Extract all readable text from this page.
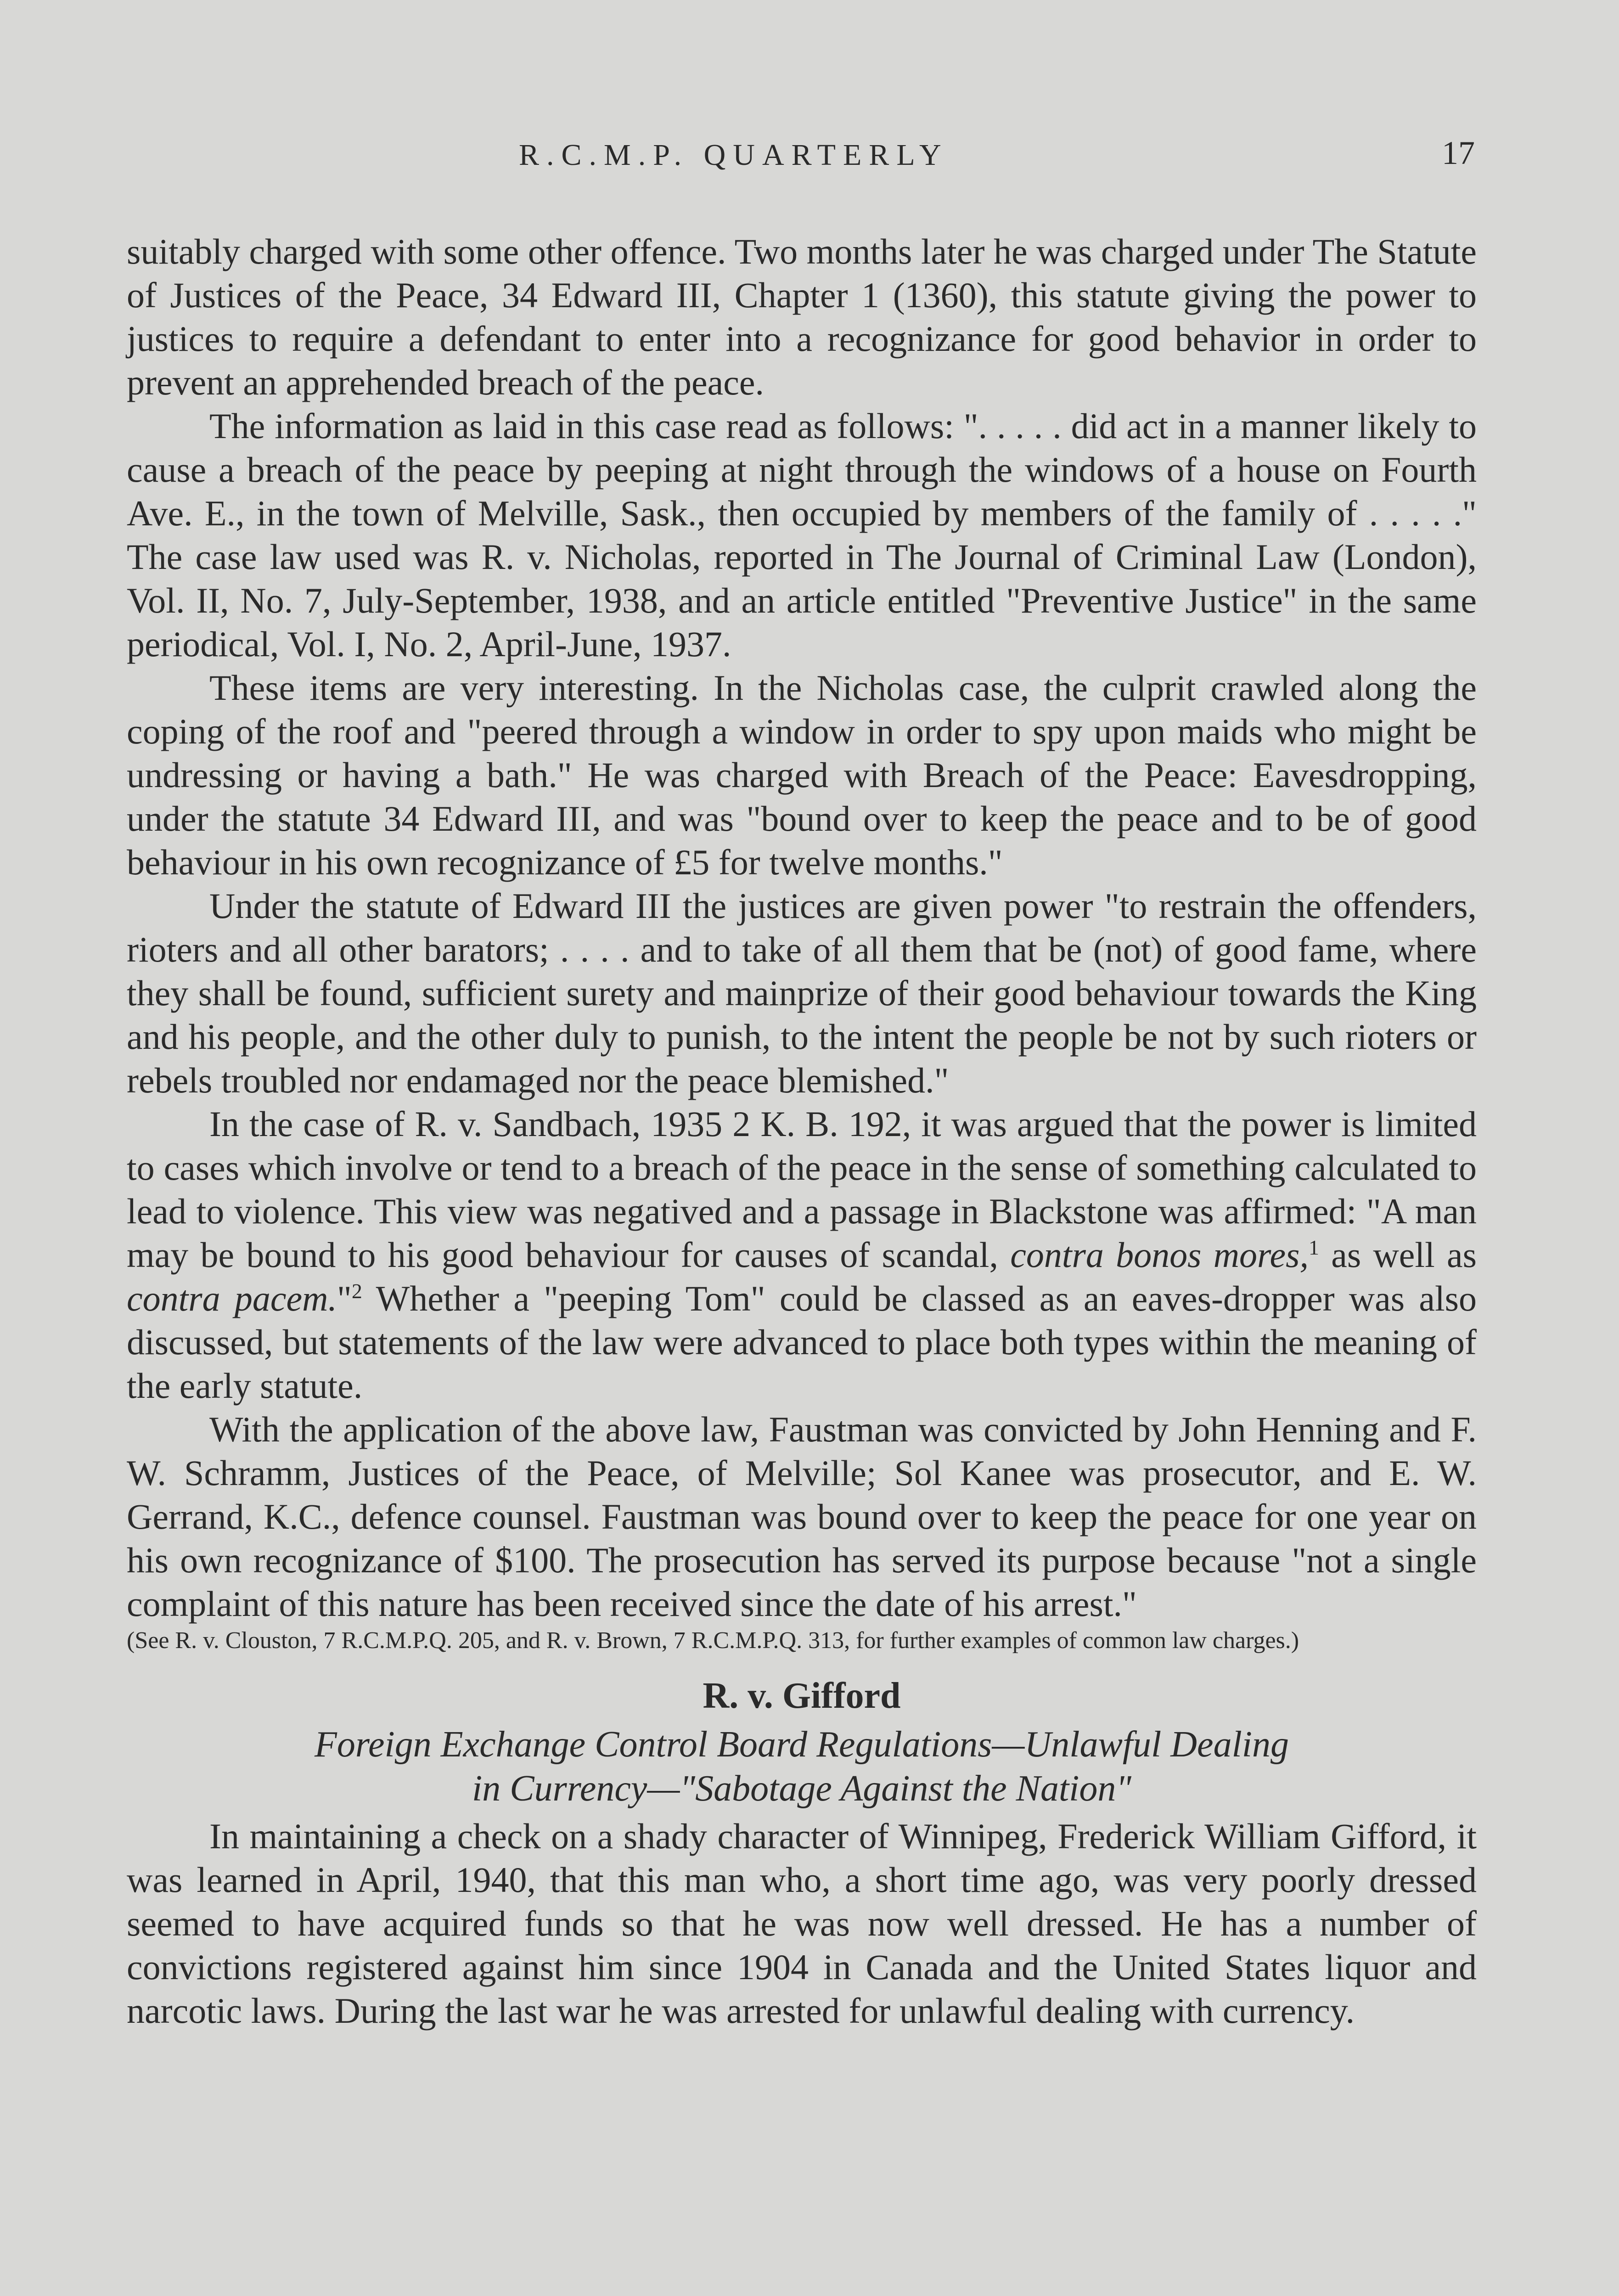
R.C.M.P. QUARTERLY	17

suitably charged with some other offence. Two months later he was charged under The Statute of Justices of the Peace, 34 Edward III, Chapter 1 (1360), this statute giving the power to justices to require a defendant to enter into a recognizance for good behavior in order to prevent an apprehended breach of the peace.

The information as laid in this case read as follows: ". . . . . did act in a manner likely to cause a breach of the peace by peeping at night through the windows of a house on Fourth Ave. E., in the town of Melville, Sask., then occupied by members of the family of . . . . ." The case law used was R. v. Nicholas, reported in The Journal of Criminal Law (London), Vol. II, No. 7, July-September, 1938, and an article entitled "Preventive Justice" in the same periodical, Vol. I, No. 2, April-June, 1937.

These items are very interesting. In the Nicholas case, the culprit crawled along the coping of the roof and "peered through a window in order to spy upon maids who might be undressing or having a bath." He was charged with Breach of the Peace: Eavesdropping, under the statute 34 Edward III, and was "bound over to keep the peace and to be of good behaviour in his own recognizance of £5 for twelve months."

Under the statute of Edward III the justices are given power "to restrain the offenders, rioters and all other barators; . . . . and to take of all them that be (not) of good fame, where they shall be found, sufficient surety and mainprize of their good behaviour towards the King and his people, and the other duly to punish, to the intent the people be not by such rioters or rebels troubled nor endamaged nor the peace blemished."

In the case of R. v. Sandbach, 1935 2 K. B. 192, it was argued that the power is limited to cases which involve or tend to a breach of the peace in the sense of something calculated to lead to violence. This view was negatived and a passage in Blackstone was affirmed: "A man may be bound to his good behaviour for causes of scandal, contra bonos mores,$^1$ as well as contra pacem."$^2$ Whether a "peeping Tom" could be classed as an eaves-dropper was also discussed, but statements of the law were advanced to place both types within the meaning of the early statute.

With the application of the above law, Faustman was convicted by John Henning and F. W. Schramm, Justices of the Peace, of Melville; Sol Kanee was prosecutor, and E. W. Gerrand, K.C., defence counsel. Faustman was bound over to keep the peace for one year on his own recognizance of $100. The prosecution has served its purpose because "not a single complaint of this nature has been received since the date of his arrest."

(See R. v. Clouston, 7 R.C.M.P.Q. 205, and R. v. Brown, 7 R.C.M.P.Q. 313, for further examples of common law charges.)

R. v. Gifford
Foreign Exchange Control Board Regulations—Unlawful Dealing
in Currency—"Sabotage Against the Nation"

In maintaining a check on a shady character of Winnipeg, Frederick William Gifford, it was learned in April, 1940, that this man who, a short time ago, was very poorly dressed seemed to have acquired funds so that he was now well dressed. He has a number of convictions registered against him since 1904 in Canada and the United States liquor and narcotic laws. During the last war he was arrested for unlawful dealing with currency.
